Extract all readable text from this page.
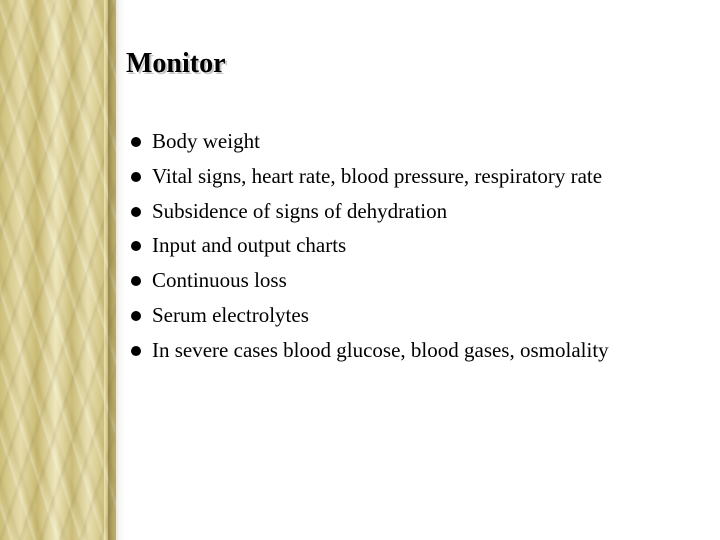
Monitor
Body weight
Vital signs, heart rate, blood pressure, respiratory rate
Subsidence of signs of dehydration
Input and output charts
Continuous loss
Serum electrolytes
In severe cases blood glucose, blood gases, osmolality
